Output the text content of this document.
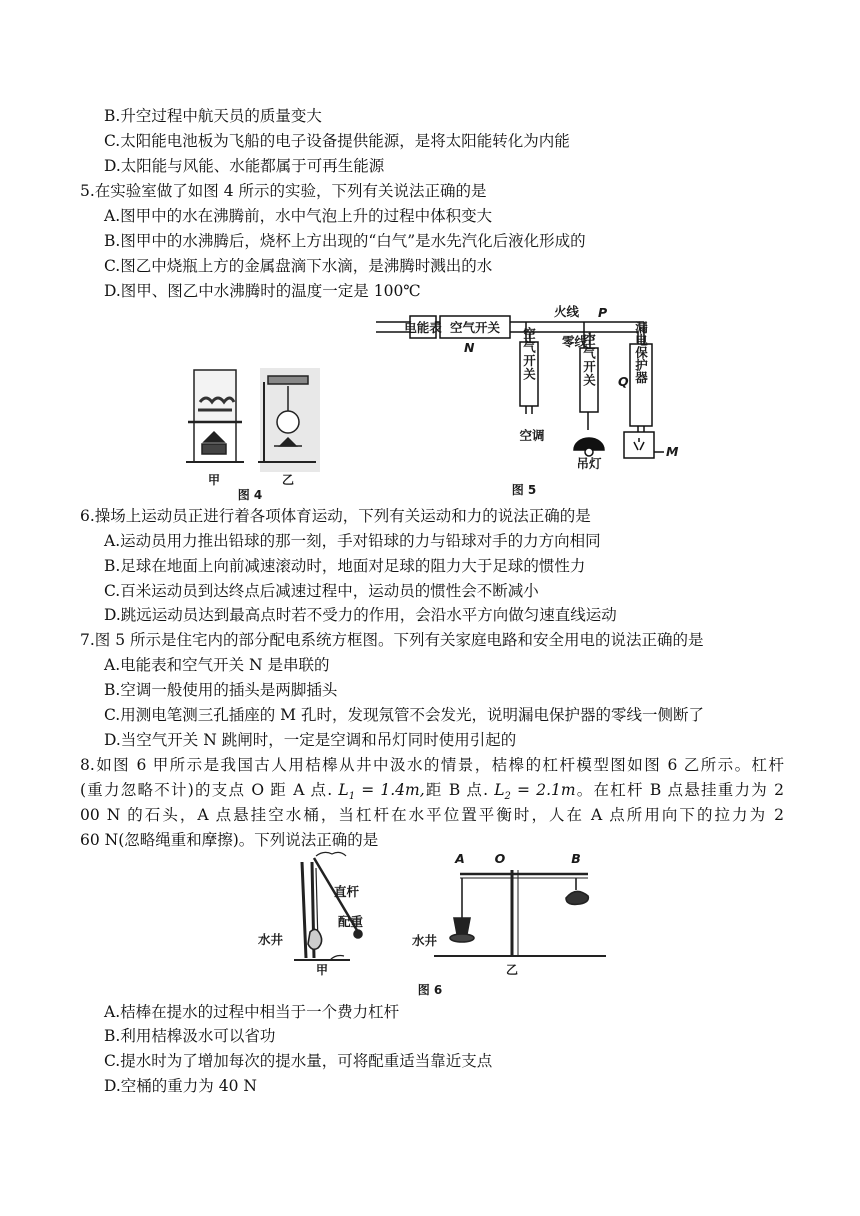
B.升空过程中航天员的质量变大
C.太阳能电池板为飞船的电子设备提供能源，是将太阳能转化为内能
D.太阳能与风能、水能都属于可再生能源
5.在实验室做了如图 4 所示的实验，下列有关说法正确的是
A.图甲中的水在沸腾前，水中气泡上升的过程中体积变大
B.图甲中的水沸腾后，烧杯上方出现的“白气”是水先汽化后液化形成的
C.图乙中烧瓶上方的金属盘滴下水滴，是沸腾时溅出的水
D.图甲、图乙中水沸腾时的温度一定是 100℃
甲	乙
图 4
电能表 空气开关
火线
零线
P
N
Q
M
空气开关	空气开关	漏电保护器
空调
吊灯
图 5
6.操场上运动员正进行着各项体育运动，下列有关运动和力的说法正确的是
A.运动员用力推出铅球的那一刻，手对铅球的力与铅球对手的力方向相同
B.足球在地面上向前减速滚动时，地面对足球的阻力大于足球的惯性力
C.百米运动员到达终点后减速过程中，运动员的惯性会不断减小
D.跳远运动员达到最高点时若不受力的作用，会沿水平方向做匀速直线运动
7.图 5 所示是住宅内的部分配电系统方框图。下列有关家庭电路和安全用电的说法正确的是
A.电能表和空气开关 N 是串联的
B.空调一般使用的插头是两脚插头
C.用测电笔测三孔插座的 M 孔时，发现氖管不会发光，说明漏电保护器的零线一侧断了
D.当空气开关 N 跳闸时，一定是空调和吊灯同时使用引起的
8.如图 6 甲所示是我国古人用桔槔从井中汲水的情景，桔槔的杠杆模型图如图 6 乙所示。杠杆
(重力忽略不计)的支点 O 距 A 点. $L_1 = 1.4m$,距 B 点. $L_2 = 2.1m$。在杠杆 B 点悬挂重力为 2
00 N 的石头，A 点悬挂空水桶，当杠杆在水平位置平衡时，人在 A 点所用向下的拉力为 2
60 N(忽略绳重和摩擦)。下列说法正确的是
直杆
配重
水井
甲
A O	B
水井
乙
图 6
A.桔棒在提水的过程中相当于一个费力杠杆
B.利用桔槔汲水可以省功
C.提水时为了增加每次的提水量，可将配重适当靠近支点
D.空桶的重力为 40 N
